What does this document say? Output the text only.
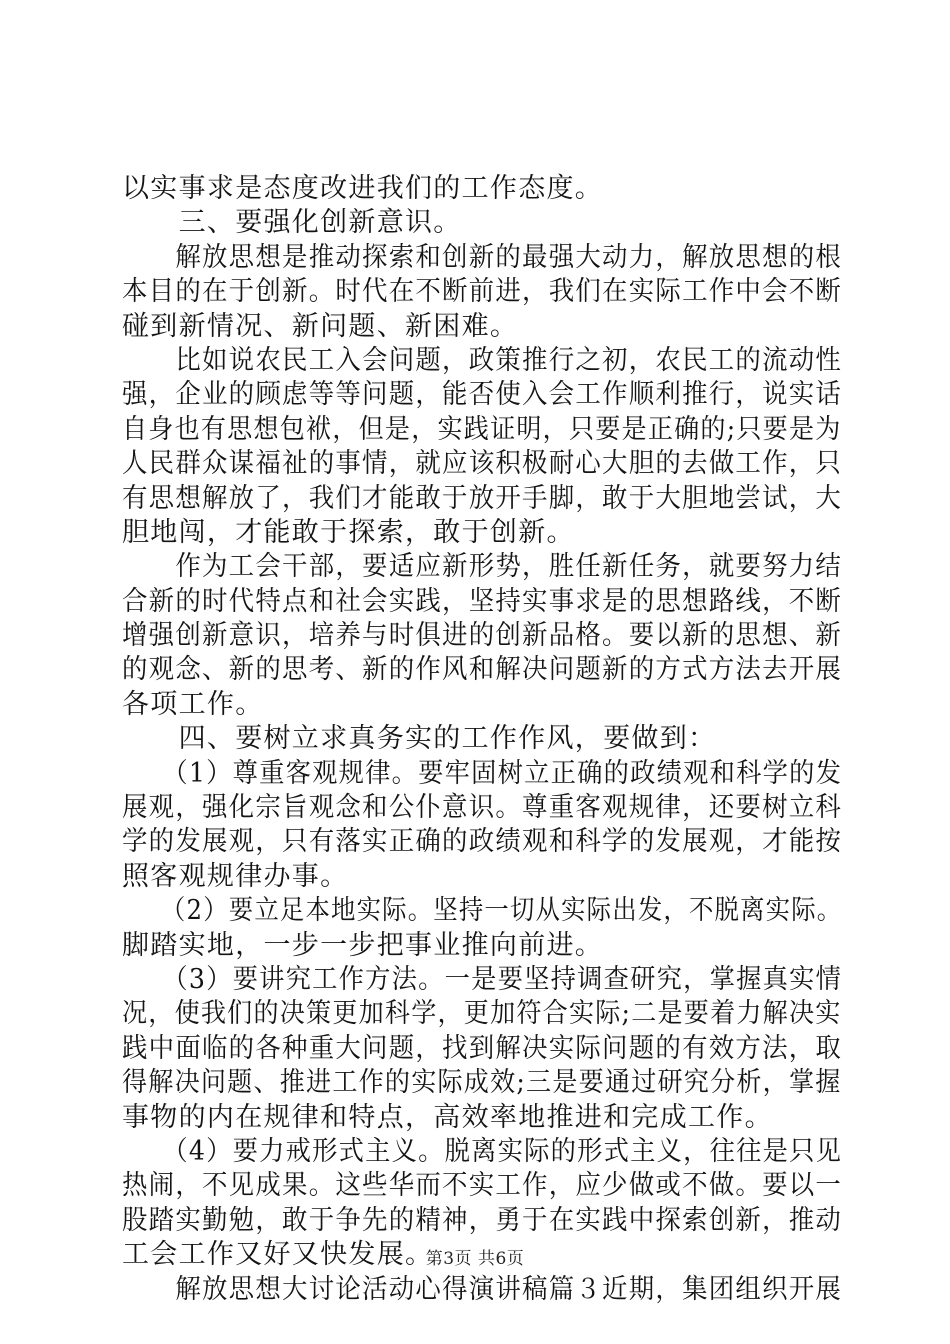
以实事求是态度改进我们的工作态度。
　　三、要强化创新意识。
　　解放思想是推动探索和创新的最强大动力，解放思想的根
本目的在于创新。时代在不断前进，我们在实际工作中会不断
碰到新情况、新问题、新困难。
　　比如说农民工入会问题，政策推行之初，农民工的流动性
强，企业的顾虑等等问题，能否使入会工作顺利推行，说实话
自身也有思想包袱，但是，实践证明，只要是正确的;只要是为
人民群众谋福祉的事情，就应该积极耐心大胆的去做工作，只
有思想解放了，我们才能敢于放开手脚，敢于大胆地尝试，大
胆地闯，才能敢于探索，敢于创新。
　　作为工会干部，要适应新形势，胜任新任务，就要努力结
合新的时代特点和社会实践，坚持实事求是的思想路线，不断
增强创新意识，培养与时俱进的创新品格。要以新的思想、新
的观念、新的思考、新的作风和解决问题新的方式方法去开展
各项工作。
　　四、要树立求真务实的工作作风，要做到：
　　（1）尊重客观规律。要牢固树立正确的政绩观和科学的发
展观，强化宗旨观念和公仆意识。尊重客观规律，还要树立科
学的发展观，只有落实正确的政绩观和科学的发展观，才能按
照客观规律办事。
　　（2）要立足本地实际。坚持一切从实际出发，不脱离实际。
脚踏实地，一步一步把事业推向前进。
　　（3）要讲究工作方法。一是要坚持调查研究，掌握真实情
况，使我们的决策更加科学，更加符合实际;二是要着力解决实
践中面临的各种重大问题，找到解决实际问题的有效方法，取
得解决问题、推进工作的实际成效;三是要通过研究分析，掌握
事物的内在规律和特点，高效率地推进和完成工作。
　　（4）要力戒形式主义。脱离实际的形式主义，往往是只见
热闹，不见成果。这些华而不实工作，应少做或不做。要以一
股踏实勤勉，敢于争先的精神，勇于在实践中探索创新，推动
工会工作又好又快发展。
　　解放思想大讨论活动心得演讲稿篇３近期，集团组织开展
第3页 共6页
